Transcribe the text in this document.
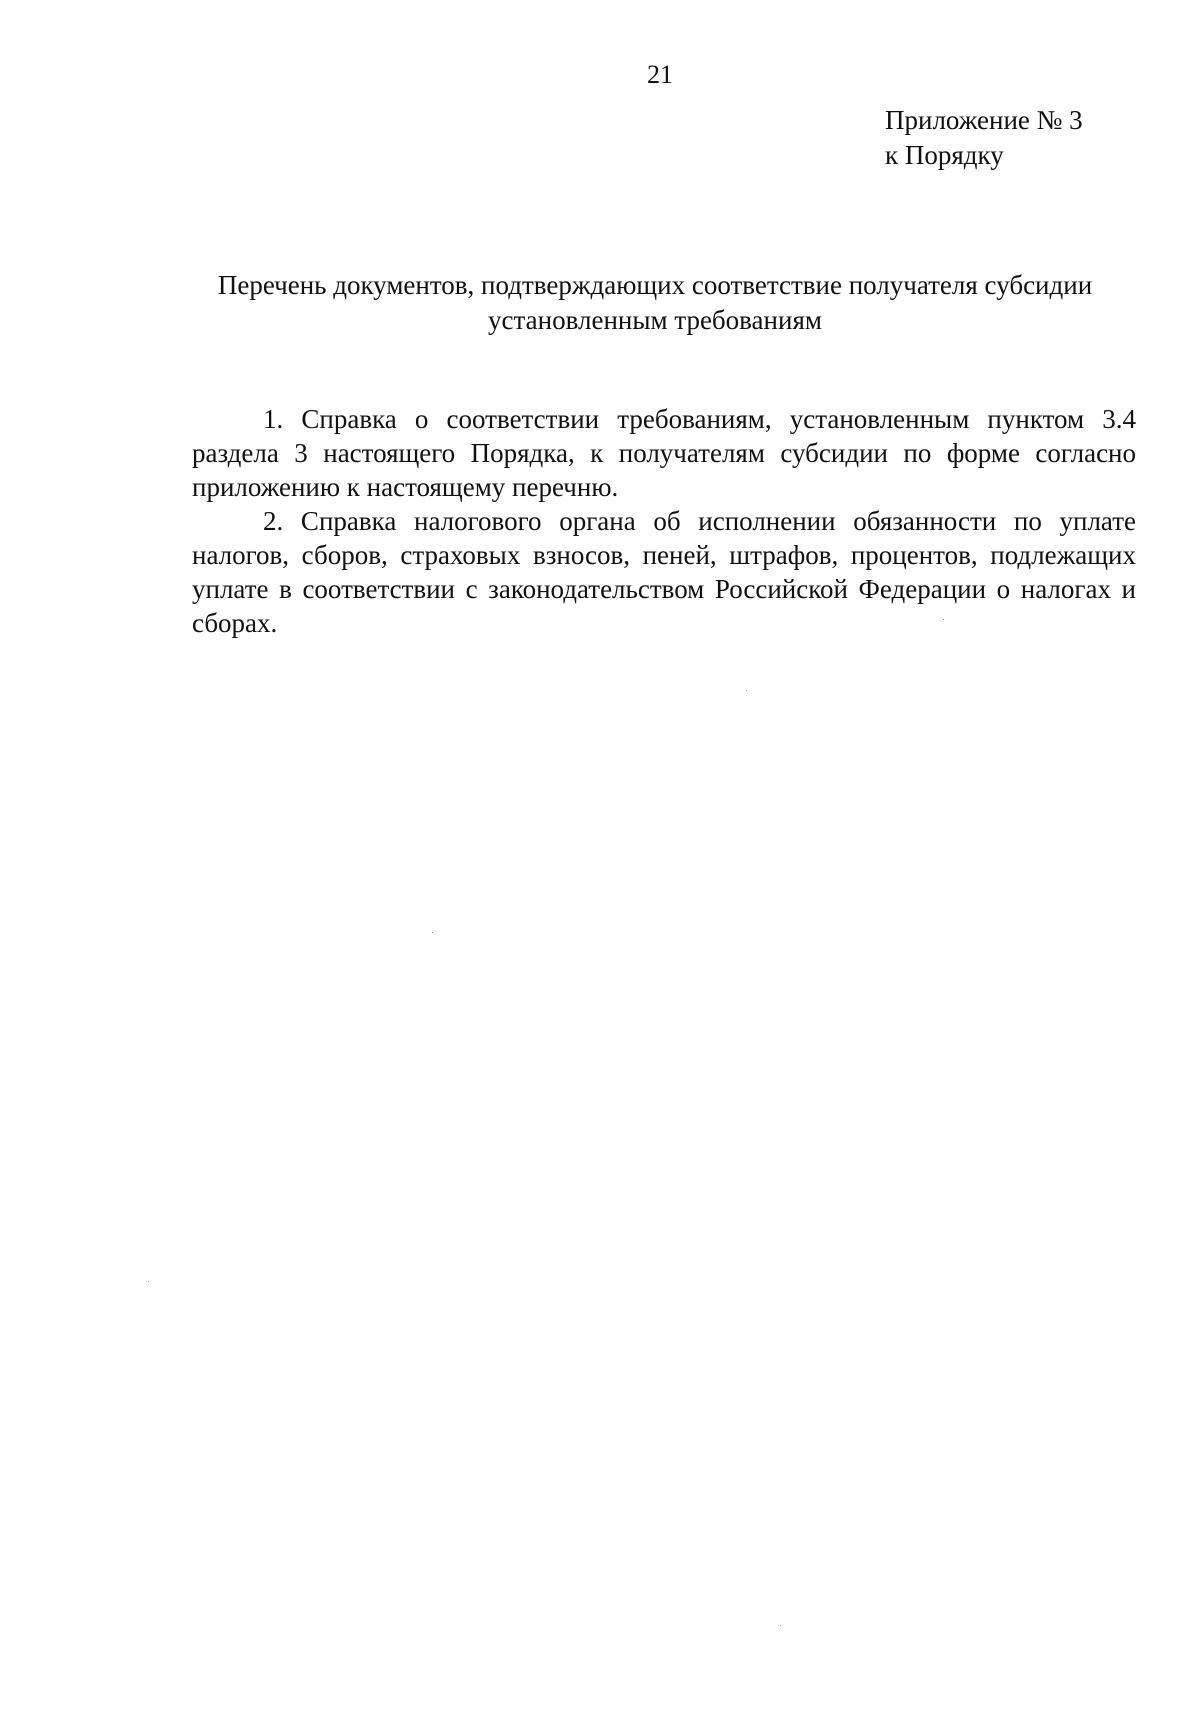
21
Приложение № 3
к Порядку
Перечень документов, подтверждающих соответствие получателя субсидии
установленным требованиям

1. Справка о соответствии требованиям, установленным пунктом 3.4 раздела 3 настоящего Порядка, к получателям субсидии по форме согласно приложению к настоящему перечню.

2. Справка налогового органа об исполнении обязанности по уплате налогов, сборов, страховых взносов, пеней, штрафов, процентов, подлежащих уплате в соответствии с законодательством Российской Федерации о налогах и сборах.
